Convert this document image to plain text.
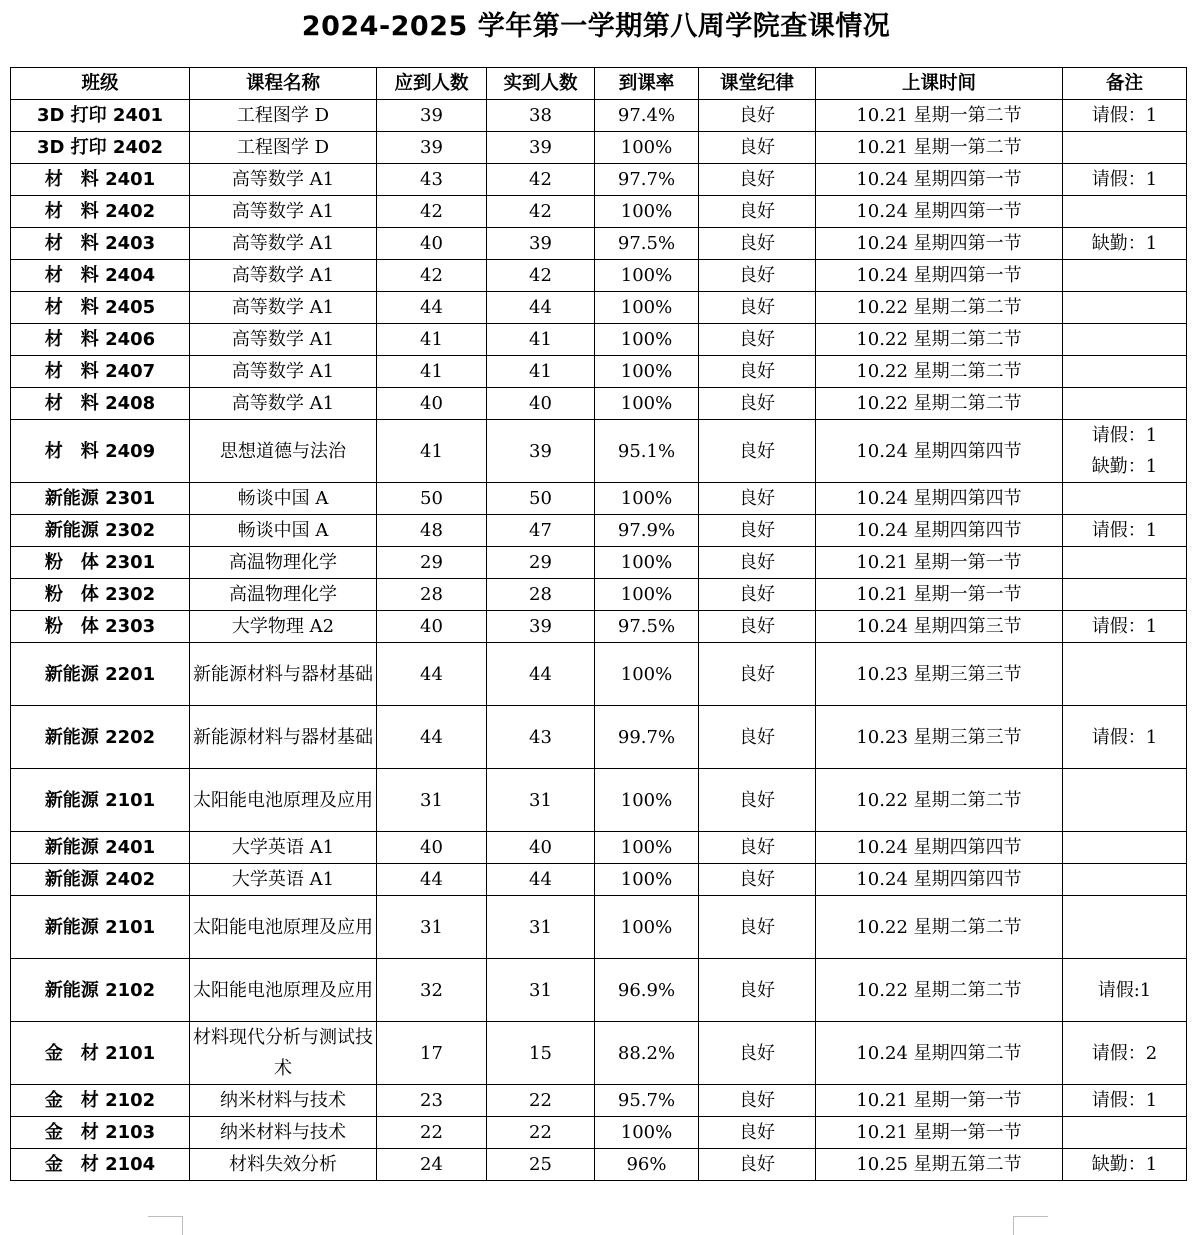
2024-2025 学年第一学期第八周学院查课情况
班级	课程名称	应到人数	实到人数	到课率	课堂纪律	上课时间	备注
3D 打印 2401	工程图学 D	39	38	97.4%	良好	10.21 星期一第二节	请假：1

3D 打印 2402	工程图学 D	39	39	100%	良好	10.21 星期一第二节	
材　料 2401	高等数学 A1	43	42	97.7%	良好	10.24 星期四第一节	请假：1

材　料 2402	高等数学 A1	42	42	100%	良好	10.24 星期四第一节	
材　料 2403	高等数学 A1	40	39	97.5%	良好	10.24 星期四第一节	缺勤：1

材　料 2404	高等数学 A1	42	42	100%	良好	10.24 星期四第一节	
材　料 2405	高等数学 A1	44	44	100%	良好	10.22 星期二第二节	
材　料 2406	高等数学 A1	41	41	100%	良好	10.22 星期二第二节	
材　料 2407	高等数学 A1	41	41	100%	良好	10.22 星期二第二节	
材　料 2408	高等数学 A1	40	40	100%	良好	10.22 星期二第二节	
材　料 2409	思想道德与法治	41	39	95.1%	良好	10.24 星期四第四节	请假：1
缺勤：1

新能源 2301	畅谈中国 A	50	50	100%	良好	10.24 星期四第四节	
新能源 2302	畅谈中国 A	48	47	97.9%	良好	10.24 星期四第四节	请假：1

粉　体 2301	高温物理化学	29	29	100%	良好	10.21 星期一第一节	
粉　体 2302	高温物理化学	28	28	100%	良好	10.21 星期一第一节	
粉　体 2303	大学物理 A2	40	39	97.5%	良好	10.24 星期四第三节	请假：1

新能源 2201	新能源材料与器材基础	44	44	100%	良好	10.23 星期三第三节	
新能源 2202	新能源材料与器材基础	44	43	99.7%	良好	10.23 星期三第三节	请假：1

新能源 2101	太阳能电池原理及应用	31	31	100%	良好	10.22 星期二第二节	
新能源 2401	大学英语 A1	40	40	100%	良好	10.24 星期四第四节	
新能源 2402	大学英语 A1	44	44	100%	良好	10.24 星期四第四节	
新能源 2101	太阳能电池原理及应用	31	31	100%	良好	10.22 星期二第二节	
新能源 2102	太阳能电池原理及应用	32	31	96.9%	良好	10.22 星期二第二节	请假:1

金　材 2101	材料现代分析与测试技术	17	15	88.2%	良好	10.24 星期四第二节	请假：2

金　材 2102	纳米材料与技术	23	22	95.7%	良好	10.21 星期一第一节	请假：1

金　材 2103	纳米材料与技术	22	22	100%	良好	10.21 星期一第一节	
金　材 2104	材料失效分析	24	25	96%	良好	10.25 星期五第二节	缺勤：1
